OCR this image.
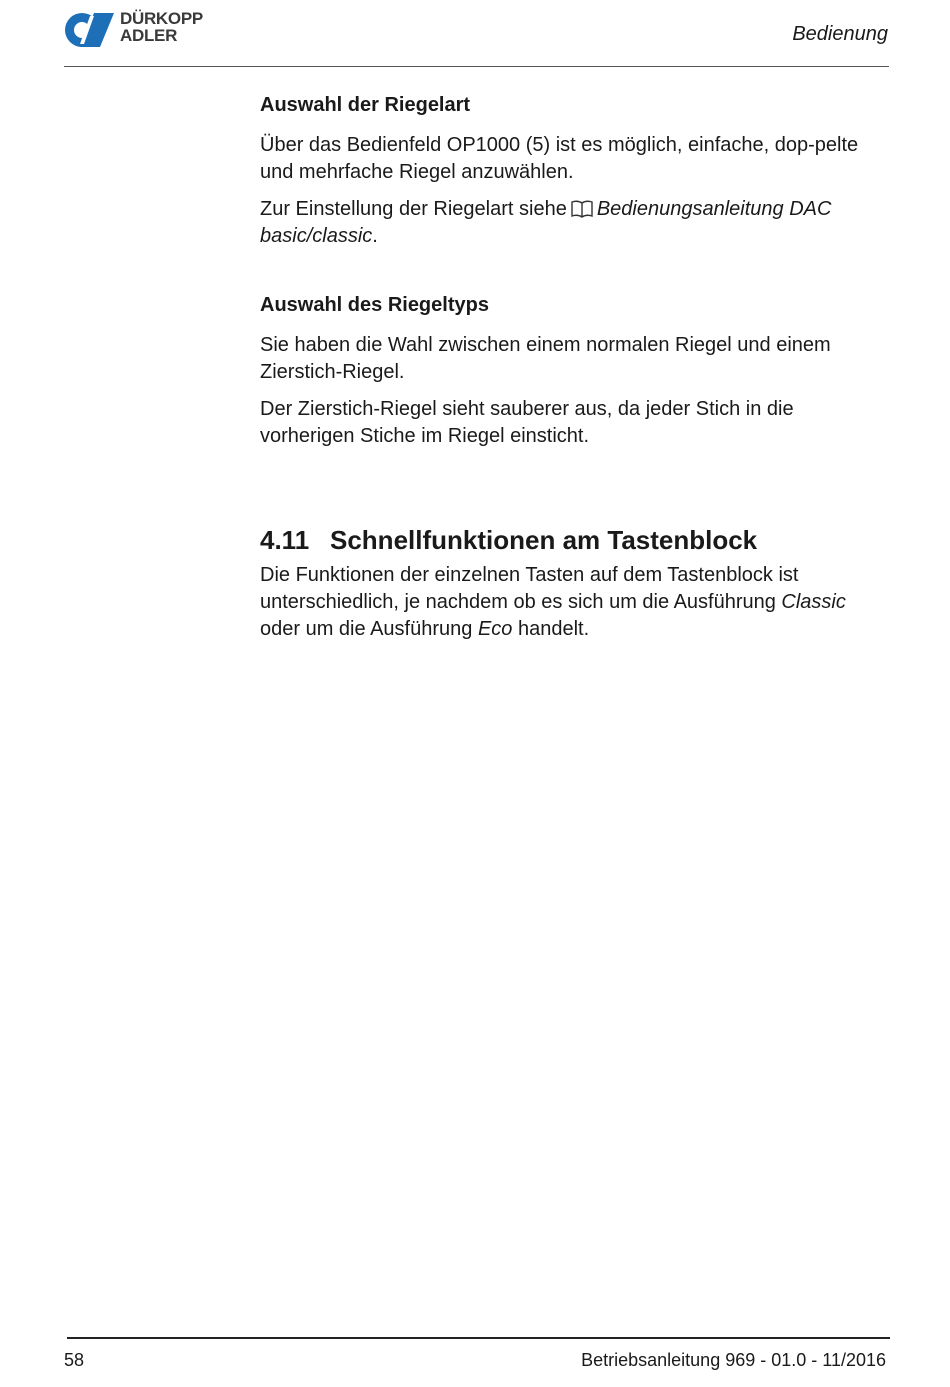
DÜRKOPP
ADLER	Bedienung
Auswahl der Riegelart

Über das Bedienfeld OP1000 (5) ist es möglich, einfache, dop-pelte und mehrfache Riegel anzuwählen.

Zur Einstellung der Riegelart siehe Bedienungsanleitung DAC basic/classic.

Auswahl des Riegeltyps

Sie haben die Wahl zwischen einem normalen Riegel und einem Zierstich-Riegel.

Der Zierstich-Riegel sieht sauberer aus, da jeder Stich in die vorherigen Stiche im Riegel einsticht.

4.11 Schnellfunktionen am Tastenblock

Die Funktionen der einzelnen Tasten auf dem Tastenblock ist unterschiedlich, je nachdem ob es sich um die Ausführung Classic oder um die Ausführung Eco handelt.

58	Betriebsanleitung 969 - 01.0 - 11/2016
